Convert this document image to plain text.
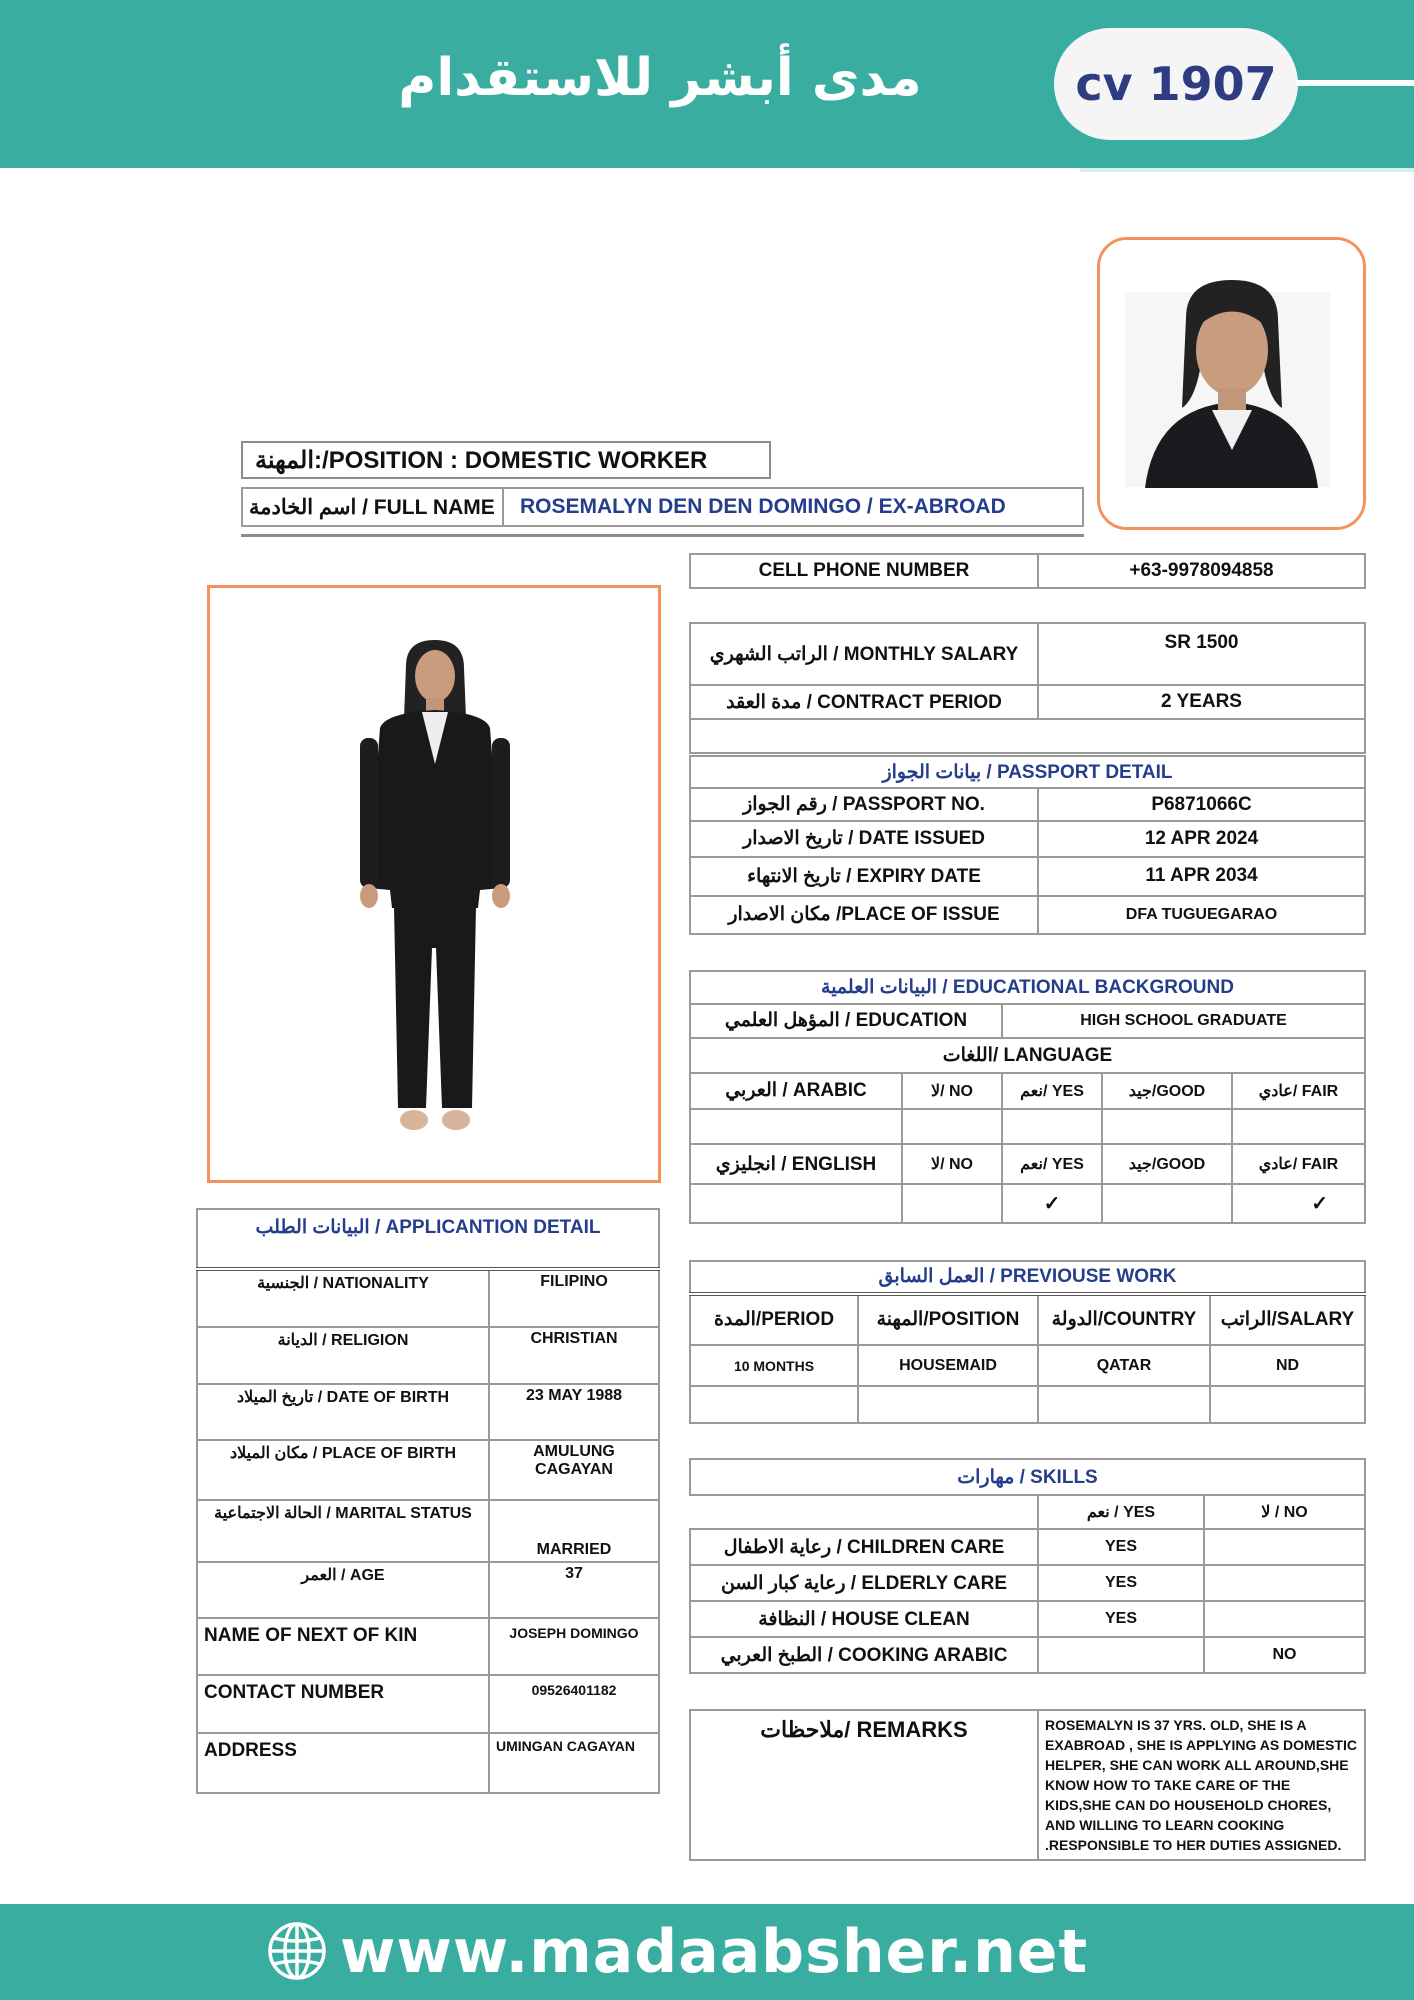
مدى أبشر للاستقدام	cv 1907
المهنة:/POSITION : DOMESTIC WORKER
اسم الخادمة / FULL NAME	ROSEMALYN DEN DEN DOMINGO / EX-ABROAD
CELL PHONE NUMBER	+63-9978094858
الراتب الشهري / MONTHLY SALARY	SR 1500
مدة العقد / CONTRACT PERIOD	2 YEARS

بيانات الجواز / PASSPORT DETAIL	
رقم الجواز / PASSPORT NO.	P6871066C
تاريخ الاصدار / DATE ISSUED	12 APR 2024
تاريخ الانتهاء / EXPIRY DATE	11 APR 2034
مكان الاصدار /PLACE OF ISSUE	DFA TUGUEGARAO
البيانات العلمية / EDUCATIONAL BACKGROUND				
المؤهل العلمي / EDUCATION		HIGH SCHOOL GRADUATE		
اللغات/ LANGUAGE				
العربي / ARABIC	لا/ NO	نعم/ YES	جيد/GOOD	عادي/ FAIR

انجليزي / ENGLISH	لا/ NO	نعم/ YES	جيد/GOOD	عادي/ FAIR
		✓		✓
البيانات الطلب / APPLICANTION DETAIL	
الجنسية / NATIONALITY	FILIPINO
الديانة / RELIGION	CHRISTIAN
تاريخ الميلاد / DATE OF BIRTH	23 MAY 1988
مكان الميلاد / PLACE OF BIRTH	AMULUNG CAGAYAN
الحالة الاجتماعية / MARITAL STATUS	MARRIED
العمر / AGE	37
NAME OF NEXT OF KIN	JOSEPH DOMINGO
CONTACT NUMBER	09526401182
ADDRESS	UMINGAN CAGAYAN
العمل السابق / PREVIOUSE WORK			
المدة/PERIOD	المهنة/POSITION	الدولة/COUNTRY	الراتب/SALARY
10 MONTHS	HOUSEMAID	QATAR	ND

مهارات / SKILLS		
	نعم / YES	لا / NO
رعاية الاطفال / CHILDREN CARE	YES	
رعاية كبار السن / ELDERLY CARE	YES	
النظافة / HOUSE CLEAN	YES	
الطبخ العربي / COOKING ARABIC		NO
ملاحظات/ REMARKS	ROSEMALYN IS 37 YRS. OLD, SHE IS A EXABROAD , SHE IS APPLYING AS DOMESTIC HELPER, SHE CAN WORK ALL AROUND,SHE KNOW HOW TO TAKE CARE OF THE KIDS,SHE CAN DO HOUSEHOLD CHORES, AND WILLING TO LEARN COOKING .RESPONSIBLE TO HER DUTIES ASSIGNED.
www.madaabsher.net
